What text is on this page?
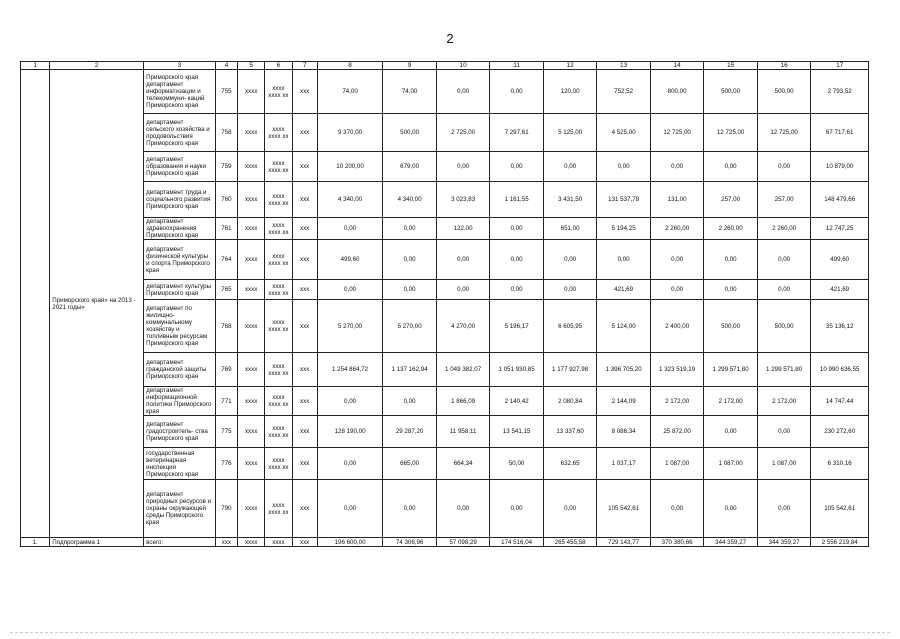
2
1	2	3	4	5	6	7	8	9	10	11	12	13	14	15	16	17
	Приморского края» на 2013 - 2021 годы»	Приморского края департамент информатизации и телекоммуни- каций Приморского края	755	xxxx	xxxx xxxx xx	xxx	74,00	74,00	0,00	0,00	120,00	752,52	800,00	500,00	500,00	2 793,52
		департамент сельского хозяйства и продовольствия Приморского края	758	xxxx	xxxx xxxx xx	xxx	9 370,00	500,00	2 725,00	7 297,61	5 125,00	4 525,00	12 725,00	12 725,00	12 725,00	67 717,61
		департамент образования и науки Приморского края	759	xxxx	xxxx xxxx xx	xxx	10 200,00	679,00	0,00	0,00	0,00	0,00	0,00	0,00	0,00	10 879,00
		департамент труда и социального развития Приморского края	760	xxxx	xxxx xxxx xx	xxx	4 340,00	4 340,00	3 023,83	1 161,55	3 431,50	131 537,78	131,00	257,00	257,00	148 479,66
		департамент здравоохранения Приморского края	761	xxxx	xxxx xxxx xx	xxx	0,00	0,00	122,00	0,00	651,00	5 194,25	2 260,00	2 260,00	2 260,00	12 747,25
		департамент физической культуры и спорта Приморского края	764	xxxx	xxxx xxxx xx	xxx	499,60	0,00	0,00	0,00	0,00	0,00	0,00	0,00	0,00	499,60
		департамент культуры Приморского края	765	xxxx	xxxx xxxx xx	xxx	0,00	0,00	0,00	0,00	0,00	421,69	0,00	0,00	0,00	421,69
		департамент по жилищно- коммунальному хозяйству и топливным ресурсам Приморского края	768	xxxx	xxxx xxxx xx	xxx	5 270,00	5 270,00	4 270,00	5 196,17	6 605,95	5 124,00	2 400,00	500,00	500,00	35 136,12
		департамент гражданской защиты Приморского края	769	xxxx	xxxx xxxx xx	xxx	1 254 864,72	1 137 162,94	1 049 382,07	1 051 930,85	1 177 927,98	1 396 705,20	1 323 519,19	1 299 571,80	1 299 571,80	10 990 636,55
		департамент информационной политики Приморского края	771	xxxx	xxxx xxxx xx	xxx	0,00	0,00	1 866,09	2 140,42	2 080,84	2 144,09	2 172,00	2 172,00	2 172,00	14 747,44
		департамент градостроитель- ства Приморского края	775	xxxx	xxxx xxxx xx	xxx	128 190,00	29 287,20	11 958,11	13 541,15	13 337,60	8 086,34	25 872,00	0,00	0,00	230 272,60
		государственная ветеринарная инспекция Приморского края	776	xxxx	xxxx xxxx xx	xxx	0,00	665,00	664,34	50,00	632,65	1 037,17	1 087,00	1 087,00	1 087,00	6 310,16
		департамент природных ресурсов и охраны окружающей среды Приморского края	790	xxxx	xxxx xxxx xx	xxx	0,00	0,00	0,00	0,00	0,00	105 542,61	0,00	0,00	0,00	105 542,61
1.	Подпрограмма 1	всего:	xxx	xxxx	xxxx	xxx	196 600,00	74 306,96	57 098,29	174 516,04	265 455,58	729 143,77	370 380,66	344 359,27	344 359,27	2 556 219,84
